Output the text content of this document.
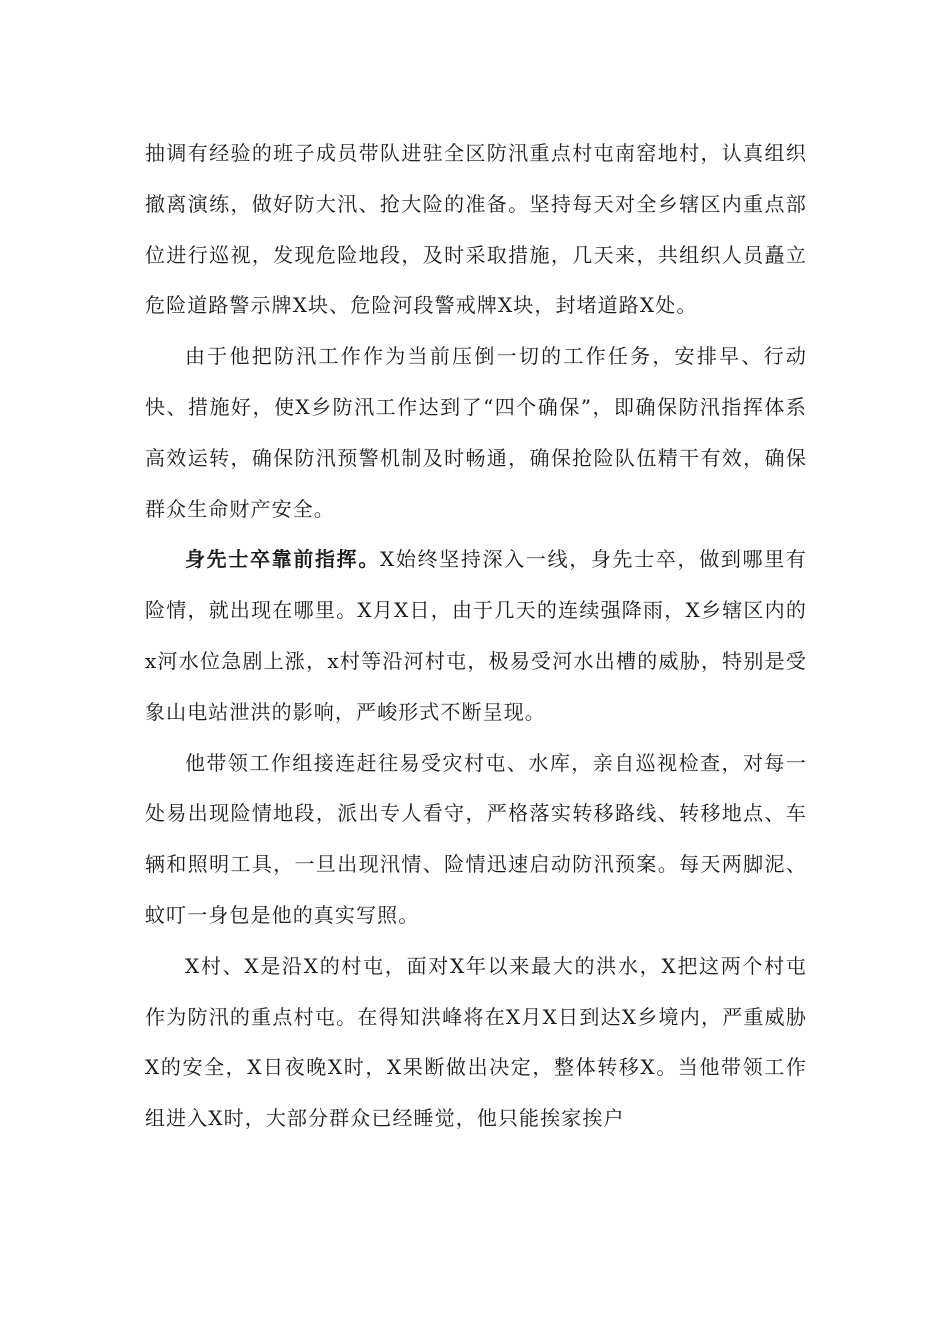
抽调有经验的班子成员带队进驻全区防汛重点村屯南窑地村，认真组织撤离演练，做好防大汛、抢大险的准备。坚持每天对全乡辖区内重点部位进行巡视，发现危险地段，及时采取措施，几天来，共组织人员矗立危险道路警示牌X块、危险河段警戒牌X块，封堵道路X处。

由于他把防汛工作作为当前压倒一切的工作任务，安排早、行动快、措施好，使X乡防汛工作达到了“四个确保”，即确保防汛指挥体系高效运转，确保防汛预警机制及时畅通，确保抢险队伍精干有效，确保群众生命财产安全。

身先士卒靠前指挥。X始终坚持深入一线，身先士卒，做到哪里有险情，就出现在哪里。X月X日，由于几天的连续强降雨，X乡辖区内的x河水位急剧上涨，x村等沿河村屯，极易受河水出槽的威胁，特别是受象山电站泄洪的影响，严峻形式不断呈现。

他带领工作组接连赶往易受灾村屯、水库，亲自巡视检查，对每一处易出现险情地段，派出专人看守，严格落实转移路线、转移地点、车辆和照明工具，一旦出现汛情、险情迅速启动防汛预案。每天两脚泥、蚊叮一身包是他的真实写照。

X村、X是沿X的村屯，面对X年以来最大的洪水，X把这两个村屯作为防汛的重点村屯。在得知洪峰将在X月X日到达X乡境内，严重威胁X的安全，X日夜晚X时，X果断做出决定，整体转移X。当他带领工作组进入X时，大部分群众已经睡觉，他只能挨家挨户
